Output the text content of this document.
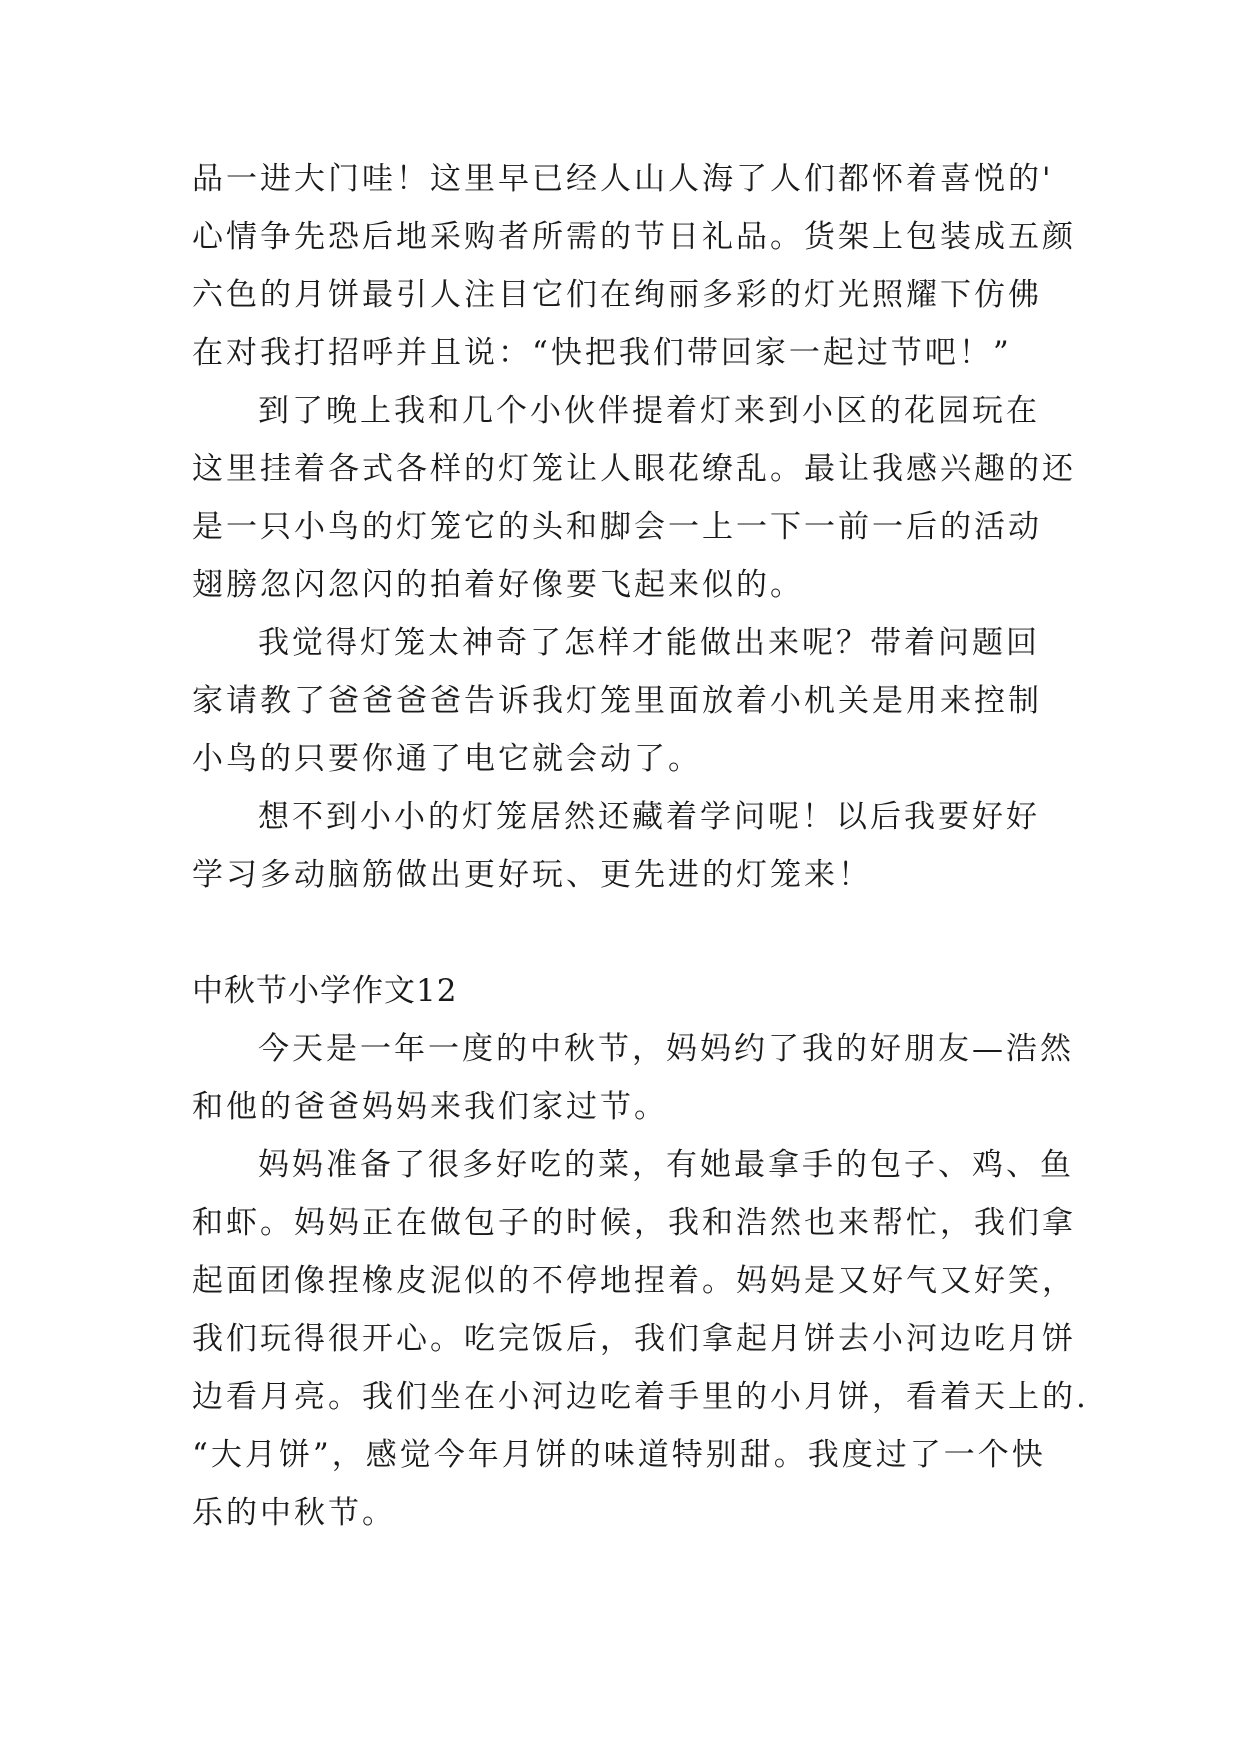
品一进大门哇！这里早已经人山人海了人们都怀着喜悦的'
心情争先恐后地采购者所需的节日礼品。货架上包装成五颜
六色的月饼最引人注目它们在绚丽多彩的灯光照耀下仿佛
在对我打招呼并且说：“快把我们带回家一起过节吧！”
到了晚上我和几个小伙伴提着灯来到小区的花园玩在
这里挂着各式各样的灯笼让人眼花缭乱。最让我感兴趣的还
是一只小鸟的灯笼它的头和脚会一上一下一前一后的活动
翅膀忽闪忽闪的拍着好像要飞起来似的。
我觉得灯笼太神奇了怎样才能做出来呢？带着问题回
家请教了爸爸爸爸告诉我灯笼里面放着小机关是用来控制
小鸟的只要你通了电它就会动了。
想不到小小的灯笼居然还藏着学问呢！以后我要好好
学习多动脑筋做出更好玩、更先进的灯笼来！
中秋节小学作文12
今天是一年一度的中秋节，妈妈约了我的好朋友—浩然
和他的爸爸妈妈来我们家过节。
妈妈准备了很多好吃的菜，有她最拿手的包子、鸡、鱼
和虾。妈妈正在做包子的时候，我和浩然也来帮忙，我们拿
起面团像捏橡皮泥似的不停地捏着。妈妈是又好气又好笑，
我们玩得很开心。吃完饭后，我们拿起月饼去小河边吃月饼
边看月亮。我们坐在小河边吃着手里的小月饼，看着天上的.
“大月饼”，感觉今年月饼的味道特别甜。我度过了一个快
乐的中秋节。
